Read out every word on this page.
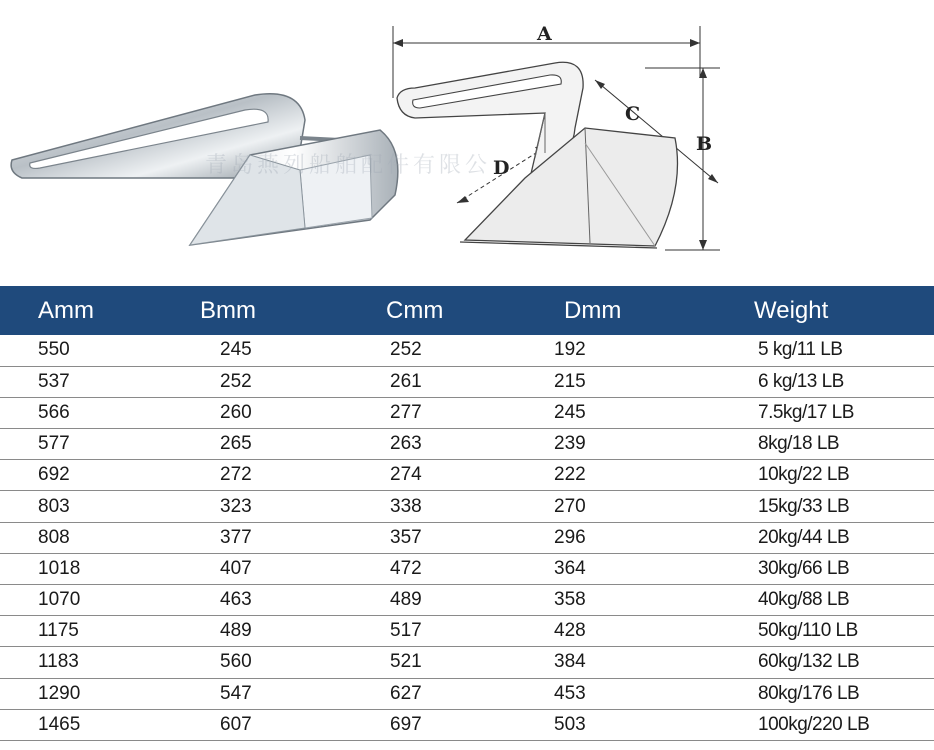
A
B
C
D
青岛燕列船舶配件有限公
Amm	Bmm	Cmm	Dmm	Weight
550	245	252	192	5 kg/11 LB
537	252	261	215	6 kg/13 LB
566	260	277	245	7.5kg/17 LB
577	265	263	239	8kg/18 LB
692	272	274	222	10kg/22 LB
803	323	338	270	15kg/33 LB
808	377	357	296	20kg/44 LB
1018	407	472	364	30kg/66 LB
1070	463	489	358	40kg/88 LB
1175	489	517	428	50kg/110 LB
1183	560	521	384	60kg/132 LB
1290	547	627	453	80kg/176 LB
1465	607	697	503	100kg/220 LB
